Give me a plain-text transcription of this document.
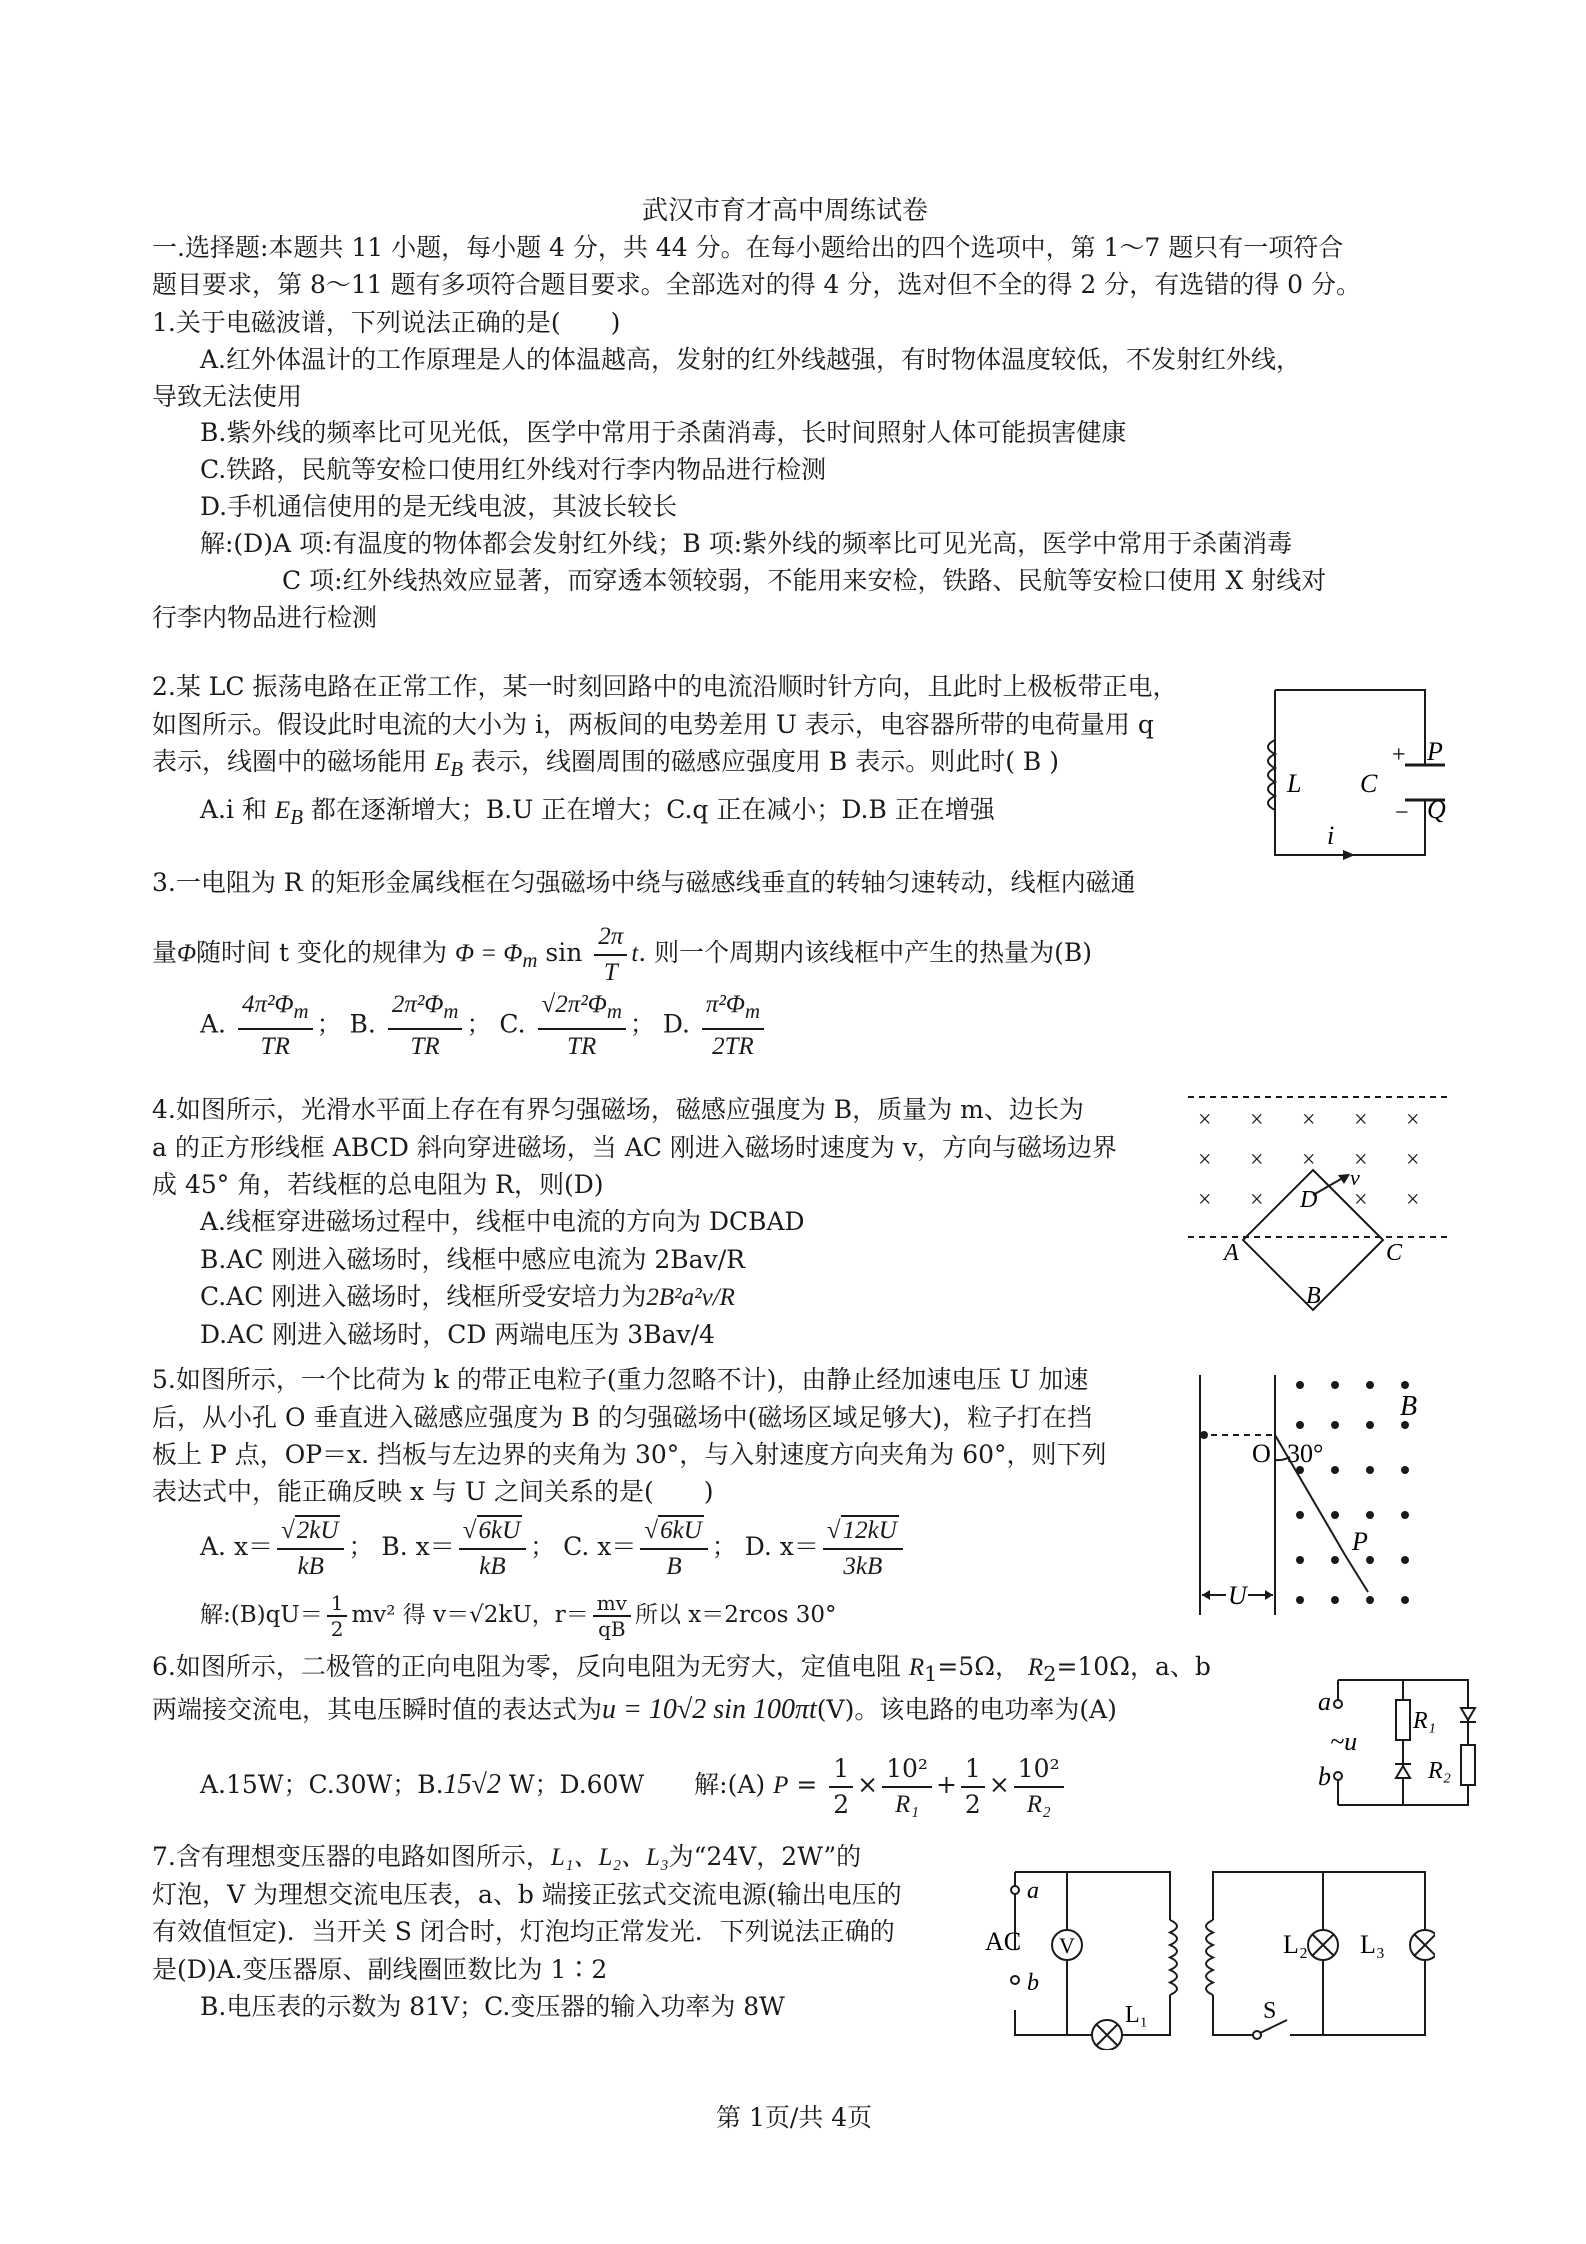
武汉市育才高中周练试卷
一.选择题:本题共 11 小题，每小题 4 分，共 44 分。在每小题给出的四个选项中，第 1～7 题只有一项符合
题目要求，第 8～11 题有多项符合题目要求。全部选对的得 4 分，选对但不全的得 2 分，有选错的得 0 分。
1.关于电磁波谱，下列说法正确的是(　　)
A.红外体温计的工作原理是人的体温越高，发射的红外线越强，有时物体温度较低，不发射红外线，
导致无法使用
B.紫外线的频率比可见光低，医学中常用于杀菌消毒，长时间照射人体可能损害健康
C.铁路，民航等安检口使用红外线对行李内物品进行检测
D.手机通信使用的是无线电波，其波长较长
解:(D)A 项:有温度的物体都会发射红外线；B 项:紫外线的频率比可见光高，医学中常用于杀菌消毒
C 项:红外线热效应显著，而穿透本领较弱，不能用来安检，铁路、民航等安检口使用 X 射线对
行李内物品进行检测
2.某 LC 振荡电路在正常工作，某一时刻回路中的电流沿顺时针方向，且此时上极板带正电，
如图所示。假设此时电流的大小为 i，两板间的电势差用 U 表示，电容器所带的电荷量用 q
表示，线圈中的磁场能用 $E_B$ 表示，线圈周围的磁感应强度用 B 表示。则此时( B )
A.i 和 $E_B$ 都在逐渐增大；B.U 正在增大；C.q 正在减小；D.B 正在增强
L C
+ P
− Q
i
3.一电阻为 R 的矩形金属线框在匀强磁场中绕与磁感线垂直的转轴匀速转动，线框内磁通
量Φ随时间 t 变化的规律为 $\Phi = \Phi_m$ $\sin \frac{2\pi}{T} t$. 则一个周期内该线框中产生的热量为(B)
A. $\frac{4\pi^2\Phi_m}{TR}$ ； B. $\frac{2\pi^2\Phi_m}{TR}$ ； C. $\frac{√2\pi^2\Phi_m}{TR}$ ； D. $\frac{\pi^2\Phi_m}{2TR}$
4.如图所示，光滑水平面上存在有界匀强磁场，磁感应强度为 B，质量为 m、边长为
a 的正方形线框 ABCD 斜向穿进磁场，当 AC 刚进入磁场时速度为 v，方向与磁场边界
成 45° 角，若线框的总电阻为 R，则(D)
A.线框穿进磁场过程中，线框中电流的方向为 DCBAD
B.AC 刚进入磁场时，线框中感应电流为 2Bav/R
C.AC 刚进入磁场时，线框所受安培力为2B²a²v/R
D.AC 刚进入磁场时，CD 两端电压为 3Bav/4
× × × × ×
× × × × ×
× ×	× ×
v
D
A	C
B
5.如图所示，一个比荷为 k 的带正电粒子(重力忽略不计)，由静止经加速电压 U 加速
后，从小孔 O 垂直进入磁感应强度为 B 的匀强磁场中(磁场区域足够大)，粒子打在挡
板上 P 点，OP＝x. 挡板与左边界的夹角为 30°，与入射速度方向夹角为 60°，则下列
表达式中，能正确反映 x 与 U 之间关系的是(　　)
A. $x= \frac{√2kU}{kB}$ ； B. $x= \frac{√6kU}{kB}$ ； C. $x= \frac{√6kU}{B}$ ； D. $x= \frac{√12kU}{3kB}$
解:(B)qU＝ $\frac{1}{2} mv^2$ 得 v＝√2kU，$r= \frac{mv}{qB}$ 所以 x＝2rcos 30°
B
O 30°
P
U
6.如图所示，二极管的正向电阻为零，反向电阻为无穷大，定值电阻 $R_1=5\Omega$， $R_2=10\Omega$，a、b
两端接交流电，其电压瞬时值的表达式为u = 10√2 sin 100πt(V)。该电路的电功率为(A)
A.15W；C.30W；B.15√2 W；D.60W　　解:(A) $P = \frac{1}{2} \times \frac{\text{10²}}{\text{R₁}} + \frac{1}{2} \times \frac{\text{10²}}{\text{R₂}}$
a
b
~u
R₁
R₂
7.含有理想变压器的电路如图所示，L₁、L₂、L₃为“24V，2W”的
灯泡，V 为理想交流电压表，a、b 端接正弦式交流电源(输出电压的
有效值恒定)．当开关 S 闭合时，灯泡均正常发光．下列说法正确的
是(D)A.变压器原、副线圈匝数比为 1∶2
B.电压表的示数为 81V；C.变压器的输入功率为 8W
V
a
AC
b
L₁	S
L₂ L₃
第 1页/共 4页
